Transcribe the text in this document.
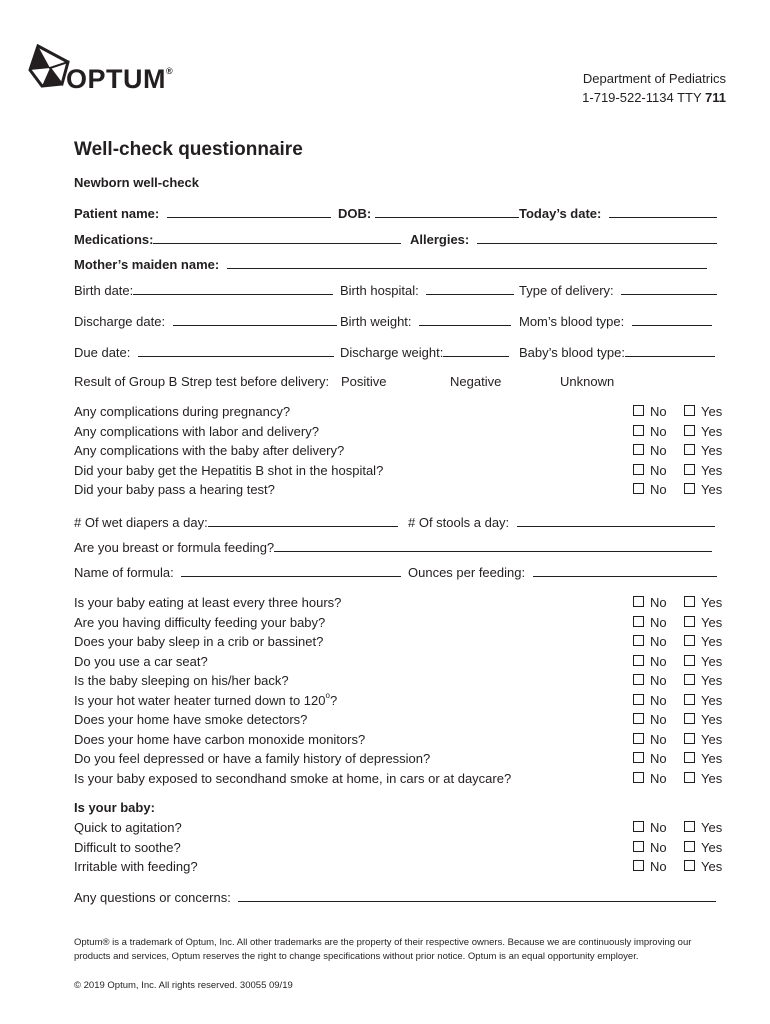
OPTUM®	Department of Pediatrics
1-719-522-1134 TTY 711
Well-check questionnaire
Newborn well-check
Patient name:	DOB:	Today’s date:
Medications:	Allergies:
Mother’s maiden name:
Birth date:	Birth hospital:	Type of delivery:
Discharge date:	Birth weight:	Mom’s blood type:
Due date:	Discharge weight:	Baby’s blood type:
Result of Group B Strep test before delivery: Positive	Negative	Unknown
Any complications during pregnancy?	No	Yes
Any complications with labor and delivery?	No	Yes
Any complications with the baby after delivery?	No	Yes
Did your baby get the Hepatitis B shot in the hospital?	No	Yes
Did your baby pass a hearing test?	No	Yes
# Of wet diapers a day:	# Of stools a day:
Are you breast or formula feeding?
Name of formula:	Ounces per feeding:
Is your baby eating at least every three hours?	No	Yes
Are you having difficulty feeding your baby?	No	Yes
Does your baby sleep in a crib or bassinet?	No	Yes
Do you use a car seat?	No	Yes
Is the baby sleeping on his/her back?	No	Yes
Is your hot water heater turned down to 120$^o$?	No	Yes
Does your home have smoke detectors?	No	Yes
Does your home have carbon monoxide monitors?	No	Yes
Do you feel depressed or have a family history of depression?	No	Yes
Is your baby exposed to secondhand smoke at home, in cars or at daycare?	No	Yes
Is your baby:
Quick to agitation?	No	Yes
Difficult to soothe?	No	Yes
Irritable with feeding?	No	Yes
Any questions or concerns:
Optum® is a trademark of Optum, Inc. All other trademarks are the property of their respective owners. Because we are continuously improving our
products and services, Optum reserves the right to change specifications without prior notice. Optum is an equal opportunity employer.
© 2019 Optum, Inc. All rights reserved. 30055 09/19
